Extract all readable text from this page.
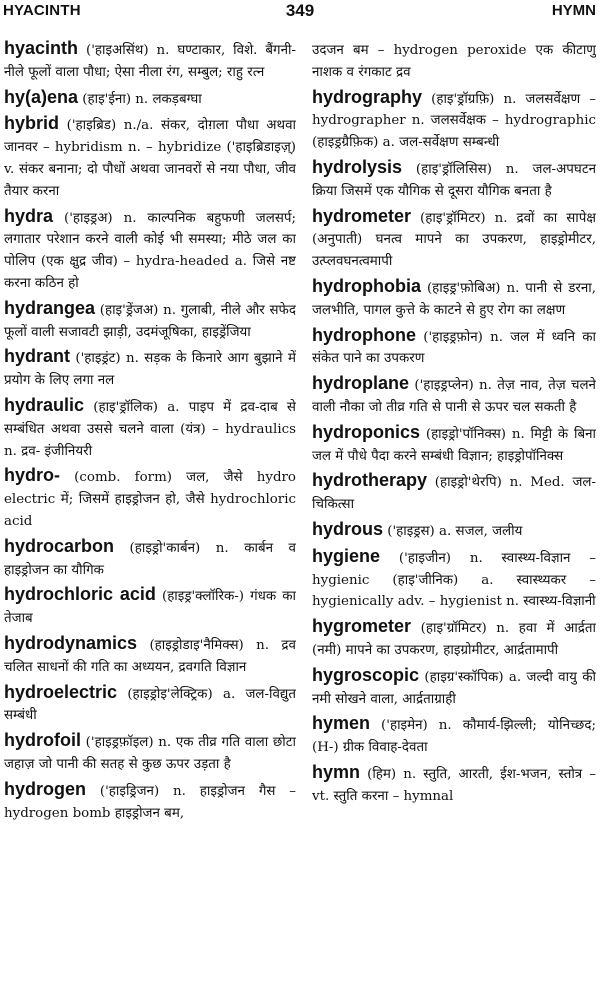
HYACINTH	349	HYMN
hyacinth ('हाइअसिंथ) n. घण्टाकार, विशे. बैंगनी-नीले फूलों वाला पौधा; ऐसा नीला रंग, सम्बुल; राहु रत्न
hy(a)ena (हाइ'ईना) n. लकड़बग्घा
hybrid ('हाइब्रिड) n./a. संकर, दोग़ला पौधा अथवा जानवर – hybridism n. – hybridize ('हाइब्रिडाइज़्) v. संकर बनाना; दो पौधों अथवा जानवरों से नया पौधा, जीव तैयार करना
hydra ('हाइड्रअ) n. काल्पनिक बहुफणी जलसर्प; लगातार परेशान करने वाली कोई भी समस्या; मीठे जल का पोलिप (एक क्षुद्र जीव) – hydra-headed a. जिसे नष्ट करना कठिन हो
hydrangea (हाइ'ड्रेंजअ) n. गुलाबी, नीले और सफेद फूलों वाली सजावटी झाड़ी, उदमंजूषिका, हाइड्रेंजिया
hydrant ('हाइड्रंट) n. सड़क के किनारे आग बुझाने में प्रयोग के लिए लगा नल
hydraulic (हाइ'ड्रॉलिक) a. पाइप में द्रव-दाब से सम्बंधित अथवा उससे चलने वाला (यंत्र) – hydraulics n. द्रव- इंजीनियरी
hydro- (comb. form) जल, जैसे hydro electric में; जिसमें हाइड्रोजन हो, जैसे hydrochloric acid
hydrocarbon (हाइड्रो'कार्बन) n. कार्बन व हाइड्रोजन का यौगिक
hydrochloric acid (हाइड्र'क्लॉरिक-) गंधक का तेजाब
hydrodynamics (हाइड्रोडाइ'नैमिक्स) n. द्रव चलित साधनों की गति का अध्ययन, द्रवगति विज्ञान
hydroelectric (हाइड्रोइ'लेक्ट्रिक) a. जल-विद्युत सम्बंधी
hydrofoil ('हाइड्रफ़ॉइल) n. एक तीव्र गति वाला छोटा जहाज़ जो पानी की सतह से कुछ ऊपर उड़ता है
hydrogen ('हाइड्रिजन) n. हाइड्रोजन गैस – hydrogen bomb हाइड्रोजन बम,
उदजन बम – hydrogen peroxide एक कीटाणु नाशक व रंगकाट द्रव
hydrography (हाइ'ड्रॉग्रफ़ि) n. जलसर्वेक्षण – hydrographer n. जलसर्वेक्षक – hydrographic (हाइड्रग्रैफ़िक) a. जल-सर्वेक्षण सम्बन्धी
hydrolysis (हाइ'ड्रॉलिसिस) n. जल-अपघटन क्रिया जिसमें एक यौगिक से दूसरा यौगिक बनता है
hydrometer (हाइ'ड्रॉमिटर) n. द्रवों का सापेक्ष (अनुपाती) घनत्व मापने का उपकरण, हाइड्रोमीटर, उत्प्लवघनत्वमापी
hydrophobia (हाइड्र'फ़ोबिअ) n. पानी से डरना, जलभीति, पागल कुत्ते के काटने से हुए रोग का लक्षण
hydrophone ('हाइड्रफ़ोन) n. जल में ध्वनि का संकेत पाने का उपकरण
hydroplane ('हाइड्रप्लेन) n. तेज़ नाव, तेज़ चलने वाली नौका जो तीव्र गति से पानी से ऊपर चल सकती है
hydroponics (हाइड्रो'पॉनिक्स) n. मिट्टी के बिना जल में पौधे पैदा करने सम्बंधी विज्ञान; हाइड्रोपॉनिक्स
hydrotherapy (हाइड्रो'थेरपि) n. Med. जल-चिकित्सा
hydrous ('हाइड्रस) a. सजल, जलीय
hygiene ('हाइजीन) n. स्वास्थ्य-विज्ञान – hygienic (हाइ'जीनिक) a. स्वास्थ्यकर – hygienically adv. – hygienist n. स्वास्थ्य-विज्ञानी
hygrometer (हाइ'ग्रॉमिटर) n. हवा में आर्द्रता (नमी) मापने का उपकरण, हाइग्रोमीटर, आर्द्रतामापी
hygroscopic (हाइग्र'स्कॉपिक) a. जल्दी वायु की नमी सोखने वाला, आर्द्रताग्राही
hymen ('हाइमेन) n. कौमार्य-झिल्ली; योनिच्छद; (H-) ग्रीक विवाह-देवता
hymn (हिम) n. स्तुति, आरती, ईश-भजन, स्तोत्र – vt. स्तुति करना – hymnal
